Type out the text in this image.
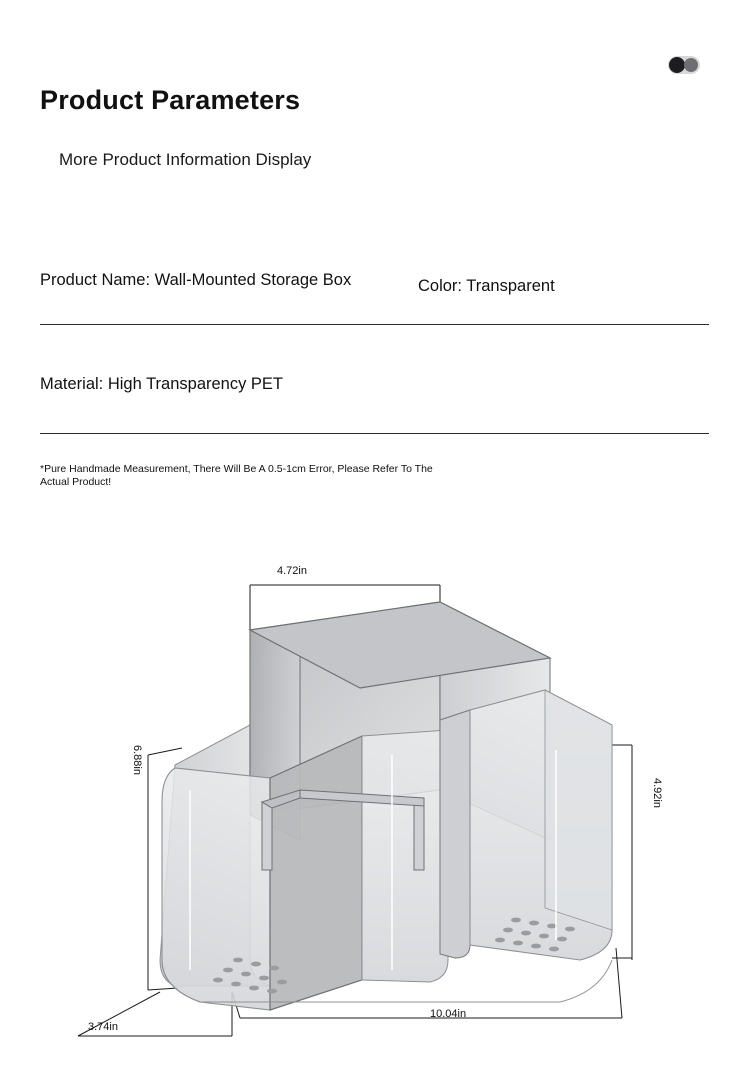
Product Parameters
More Product Information Display
Product Name: Wall-Mounted Storage Box	Color: Transparent
Material: High Transparency PET
*Pure Handmade Measurement, There Will Be A 0.5-1cm Error, Please Refer To The Actual Product!
4.72in
6.88in
4.92in
10.04in
3.74in
